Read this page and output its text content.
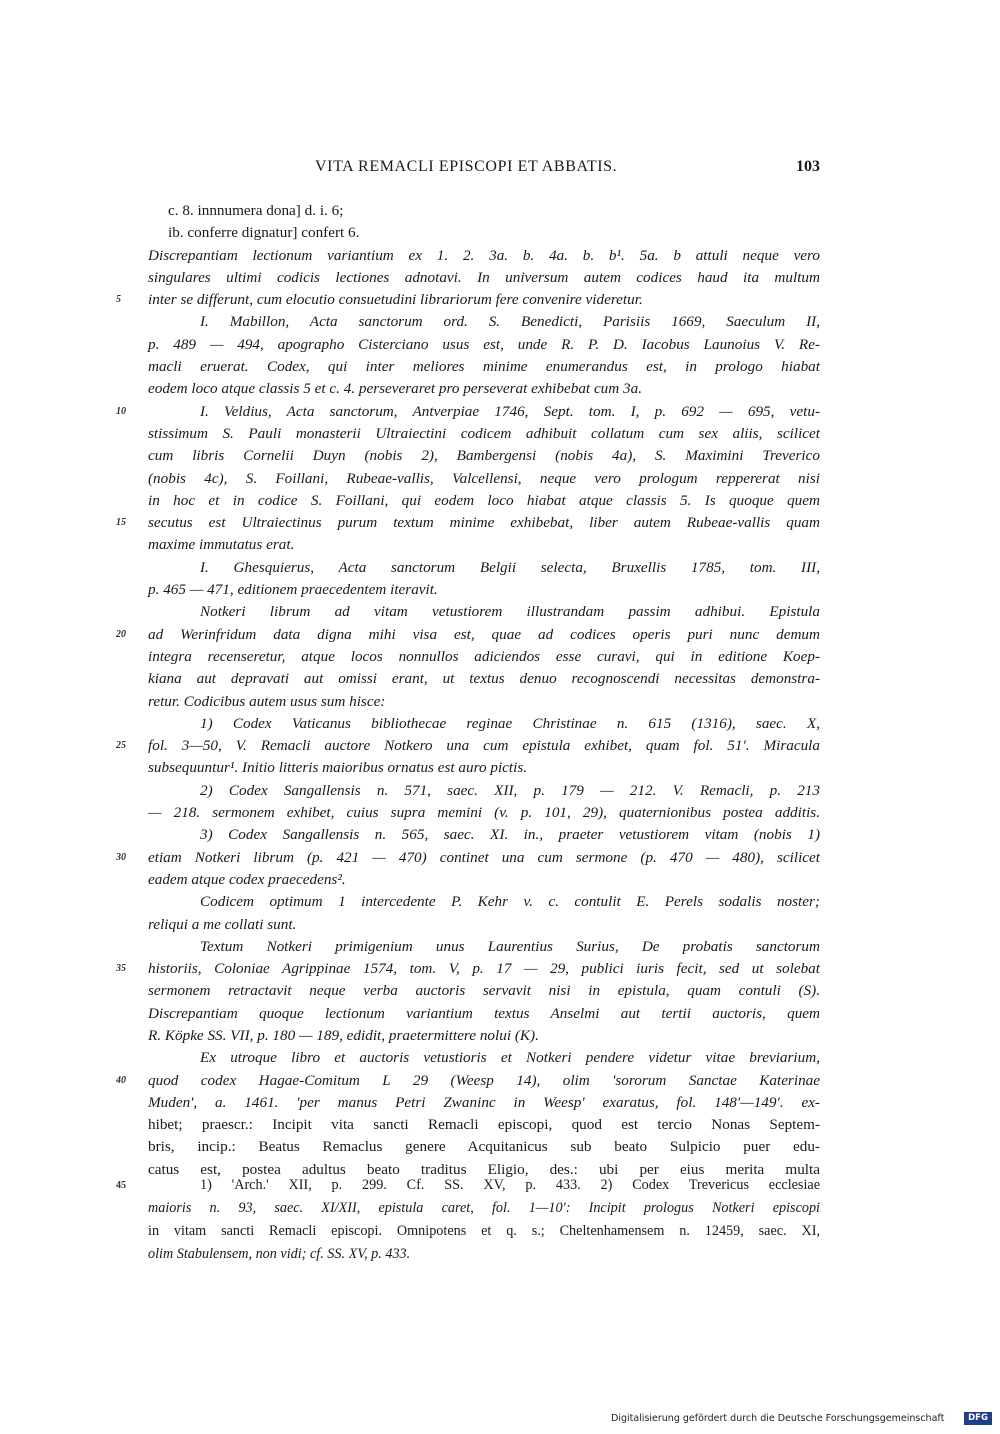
VITA REMACLI EPISCOPI ET ABBATIS.	103
c. 8. innnumera dona] d. i. 6;
ib. conferre dignatur] confert 6.
Discrepantiam lectionum variantium ex 1. 2. 3a. b. 4a. b. b¹. 5a. b attuli neque vero
singulares ultimi codicis lectiones adnotavi. In universum autem codices haud ita multum
5 inter se differunt, cum elocutio consuetudini librariorum fere convenire videretur.
I. Mabillon, Acta sanctorum ord. S. Benedicti, Parisiis 1669, Saeculum II,
p. 489 — 494, apographo Cisterciano usus est, unde R. P. D. Iacobus Launoius V. Re-
macli eruerat. Codex, qui inter meliores minime enumerandus est, in prologo hiabat
eodem loco atque classis 5 et c. 4. perseveraret pro perseverat exhibebat cum 3a.
10	I. Veldius, Acta sanctorum, Antverpiae 1746, Sept. tom. I, p. 692 — 695, vetu-
stissimum S. Pauli monasterii Ultraiectini codicem adhibuit collatum cum sex aliis, scilicet
cum libris Cornelii Duyn (nobis 2), Bambergensi (nobis 4a), S. Maximini Treverico
(nobis 4c), S. Foillani, Rubeae-vallis, Valcellensi, neque vero prologum reppererat nisi
in hoc et in codice S. Foillani, qui eodem loco hiabat atque classis 5. Is quoque quem
15 secutus est Ultraiectinus purum textum minime exhibebat, liber autem Rubeae-vallis quam
maxime immutatus erat.
I. Ghesquierus, Acta sanctorum Belgii selecta, Bruxellis 1785, tom. III,
p. 465 — 471, editionem praecedentem iteravit.
Notkeri librum ad vitam vetustiorem illustrandam passim adhibui. Epistula
20 ad Werinfridum data digna mihi visa est, quae ad codices operis puri nunc demum
integra recenseretur, atque locos nonnullos adiciendos esse curavi, qui in editione Koep-
kiana aut depravati aut omissi erant, ut textus denuo recognoscendi necessitas demonstra-
retur. Codicibus autem usus sum hisce:
1) Codex Vaticanus bibliothecae reginae Christinae n. 615 (1316), saec. X,
25 fol. 3—50, V. Remacli auctore Notkero una cum epistula exhibet, quam fol. 51′. Miracula
subsequuntur¹. Initio litteris maioribus ornatus est auro pictis.
2) Codex Sangallensis n. 571, saec. XII, p. 179 — 212. V. Remacli, p. 213
— 218. sermonem exhibet, cuius supra memini (v. p. 101, 29), quaternionibus postea additis.
3) Codex Sangallensis n. 565, saec. XI. in., praeter vetustiorem vitam (nobis 1)
30 etiam Notkeri librum (p. 421 — 470) continet una cum sermone (p. 470 — 480), scilicet
eadem atque codex praecedens².
Codicem optimum 1 intercedente P. Kehr v. c. contulit E. Perels sodalis noster;
reliqui a me collati sunt.
Textum Notkeri primigenium unus Laurentius Surius, De probatis sanctorum
35 historiis, Coloniae Agrippinae 1574, tom. V, p. 17 — 29, publici iuris fecit, sed ut solebat
sermonem retractavit neque verba auctoris servavit nisi in epistula, quam contuli (S).
Discrepantiam quoque lectionum variantium textus Anselmi aut tertii auctoris, quem
R. Köpke SS. VII, p. 180 — 189, edidit, praetermittere nolui (K).
Ex utroque libro et auctoris vetustioris et Notkeri pendere videtur vitae breviarium,
40 quod codex Hagae-Comitum L 29 (Weesp 14), olim 'sororum Sanctae Katerinae
Muden', a. 1461. 'per manus Petri Zwaninc in Weesp' exaratus, fol. 148′—149′. ex-
hibet; praescr.: Incipit vita sancti Remacli episcopi, quod est tercio Nonas Septem-
bris, incip.: Beatus Remaclus genere Acquitanicus sub beato Sulpicio puer edu-
catus est, postea adultus beato traditus Eligio, des.: ubi per eius merita multa
45	1) 'Arch.' XII, p. 299. Cf. SS. XV, p. 433. 2) Codex Trevericus ecclesiae
maioris n. 93, saec. XI/XII, epistula caret, fol. 1—10′: Incipit prologus Notkeri episcopi
in vitam sancti Remacli episcopi. Omnipotens et q. s.; Cheltenhamensem n. 12459, saec. XI,
olim Stabulensem, non vidi; cf. SS. XV, p. 433.
Digitalisierung gefördert durch die Deutsche Forschungsgemeinschaft	DFG
